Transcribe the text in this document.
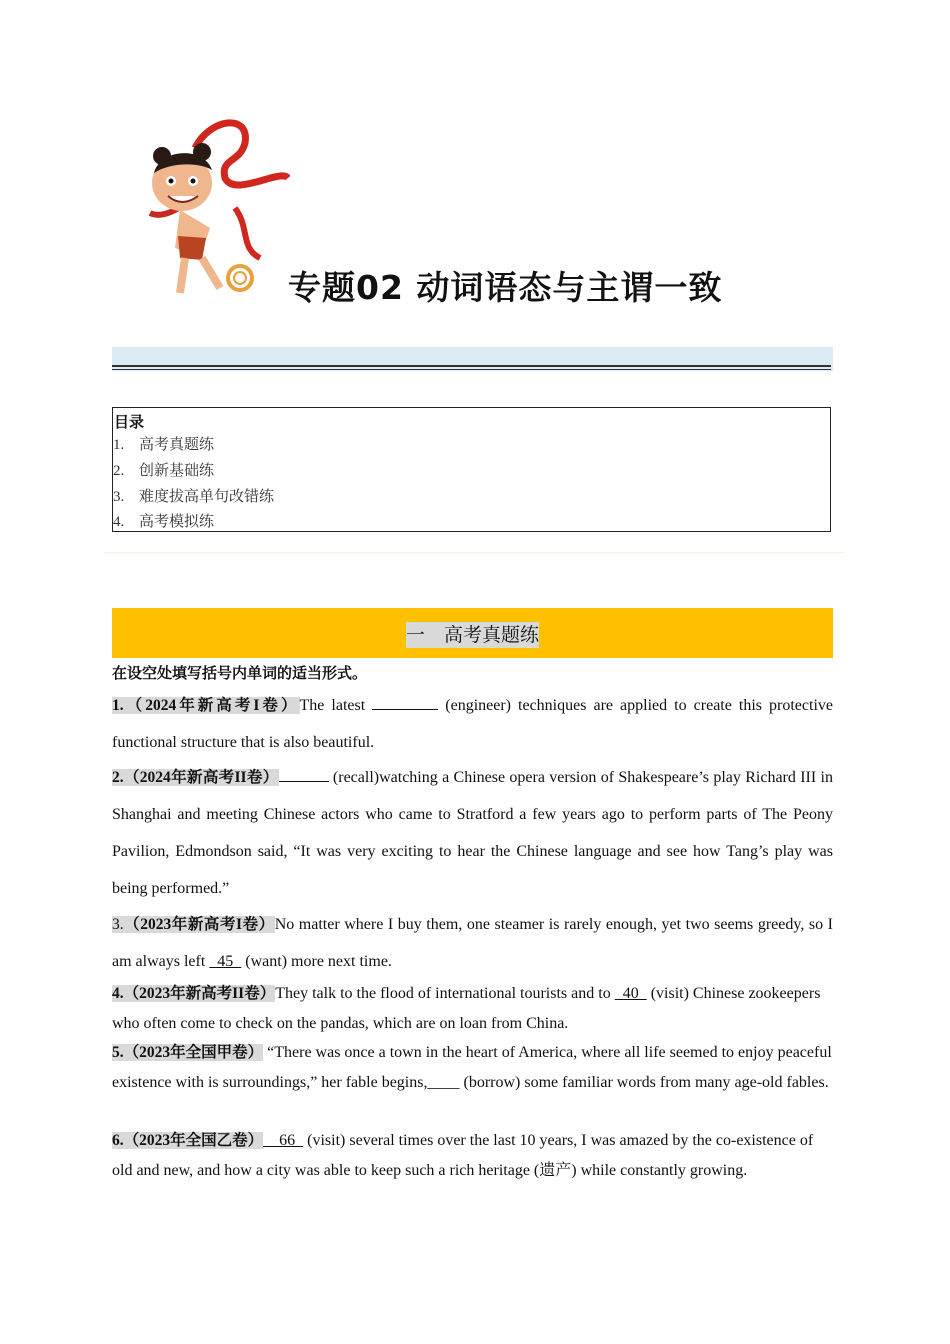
专题02 动词语态与主谓一致
目录
1. 高考真题练
2. 创新基础练
3. 难度拔高单句改错练
4. 高考模拟练
一　高考真题练
在设空处填写括号内单词的适当形式。
1.（2024年新高考I卷）The latest	(engineer) techniques are applied to create this protective functional structure that is also beautiful.
2.（2024年新高考II卷）	(recall)watching a Chinese opera version of Shakespeare’s play Richard III in Shanghai and meeting Chinese actors who came to Stratford a few years ago to perform parts of The Peony Pavilion, Edmondson said, “It was very exciting to hear the Chinese language and see how Tang’s play was being performed.”
3.（2023年新高考I卷）No matter where I buy them, one steamer is rarely enough, yet two seems greedy, so I am always left   45   (want) more next time.
4.（2023年新高考II卷）They talk to the flood of international tourists and to   40   (visit) Chinese zookeepers who often come to check on the pandas, which are on loan from China.
5.（2023年全国甲卷） “There was once a town in the heart of America, where all life seemed to enjoy peaceful existence with is surroundings,” her fable begins,____ (borrow) some familiar words from many age-old fables.
6.（2023年全国乙卷）    66   (visit) several times over the last 10 years, I was amazed by the co-existence of old and new, and how a city was able to keep such a rich heritage (遗产) while constantly growing.
